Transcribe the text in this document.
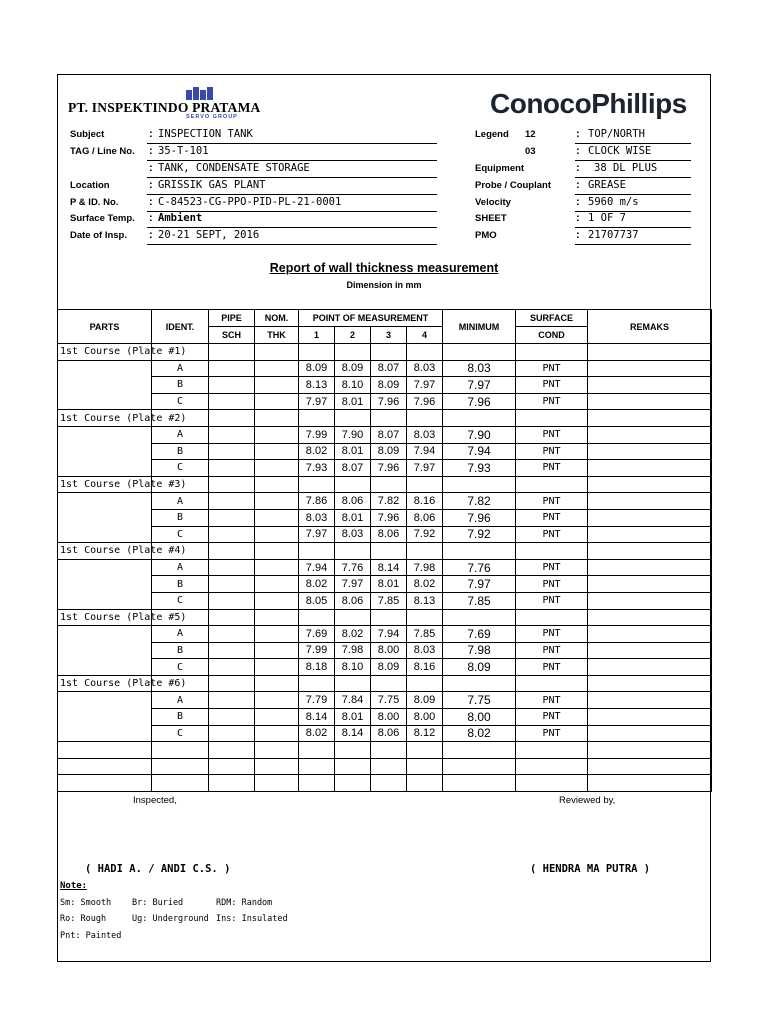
PT. INSPEKTINDO PRATAMA
SERVO GROUP	ConocoPhillips
Subject	: INSPECTION TANK
TAG / Line No. : 35-T-101
: TANK, CONDENSATE STORAGE
Location	: GRISSIK GAS PLANT
P & ID. No.	: C-84523-CG-PPO-PID-PL-21-0001
Surface Temp. : Ambient
Date of Insp. : 20-21 SEPT, 2016
Legend 12	: TOP/NORTH
03	: CLOCK WISE
Equipment	: 38 DL PLUS
Probe / Couplant : GREASE
Velocity	: 5960 m/s
SHEET	: 1 OF 7
PMO	: 21707737
Report of wall thickness measurement
Dimension in mm
PARTS	IDENT.	PIPE	NOM.	POINT OF MEASUREMENT				MINIMUM	SURFACE	REMAKS
		SCH	THK	1	2	3	4		COND	
1st Course (Plate #1)										
	A			8.09	8.09	8.07	8.03	8.03	PNT	
	B			8.13	8.10	8.09	7.97	7.97	PNT	
	C			7.97	8.01	7.96	7.96	7.96	PNT	
1st Course (Plate #2)										
	A			7.99	7.90	8.07	8.03	7.90	PNT	
	B			8.02	8.01	8.09	7.94	7.94	PNT	
	C			7.93	8.07	7.96	7.97	7.93	PNT	
1st Course (Plate #3)										
	A			7.86	8.06	7.82	8.16	7.82	PNT	
	B			8.03	8.01	7.96	8.06	7.96	PNT	
	C			7.97	8.03	8.06	7.92	7.92	PNT	
1st Course (Plate #4)										
	A			7.94	7.76	8.14	7.98	7.76	PNT	
	B			8.02	7.97	8.01	8.02	7.97	PNT	
	C			8.05	8.06	7.85	8.13	7.85	PNT	
1st Course (Plate #5)										
	A			7.69	8.02	7.94	7.85	7.69	PNT	
	B			7.99	7.98	8.00	8.03	7.98	PNT	
	C			8.18	8.10	8.09	8.16	8.09	PNT	
1st Course (Plate #6)										
	A			7.79	7.84	7.75	8.09	7.75	PNT	
	B			8.14	8.01	8.00	8.00	8.00	PNT	
	C			8.02	8.14	8.06	8.12	8.02	PNT	

Inspected,	Reviewed by,
( HADI A. / ANDI C.S. )	( HENDRA MA PUTRA )
Note:
Sm: Smooth Br: Buried	RDM: Random
Ro: Rough	Ug: Underground Ins: Insulated
Pnt: Painted
